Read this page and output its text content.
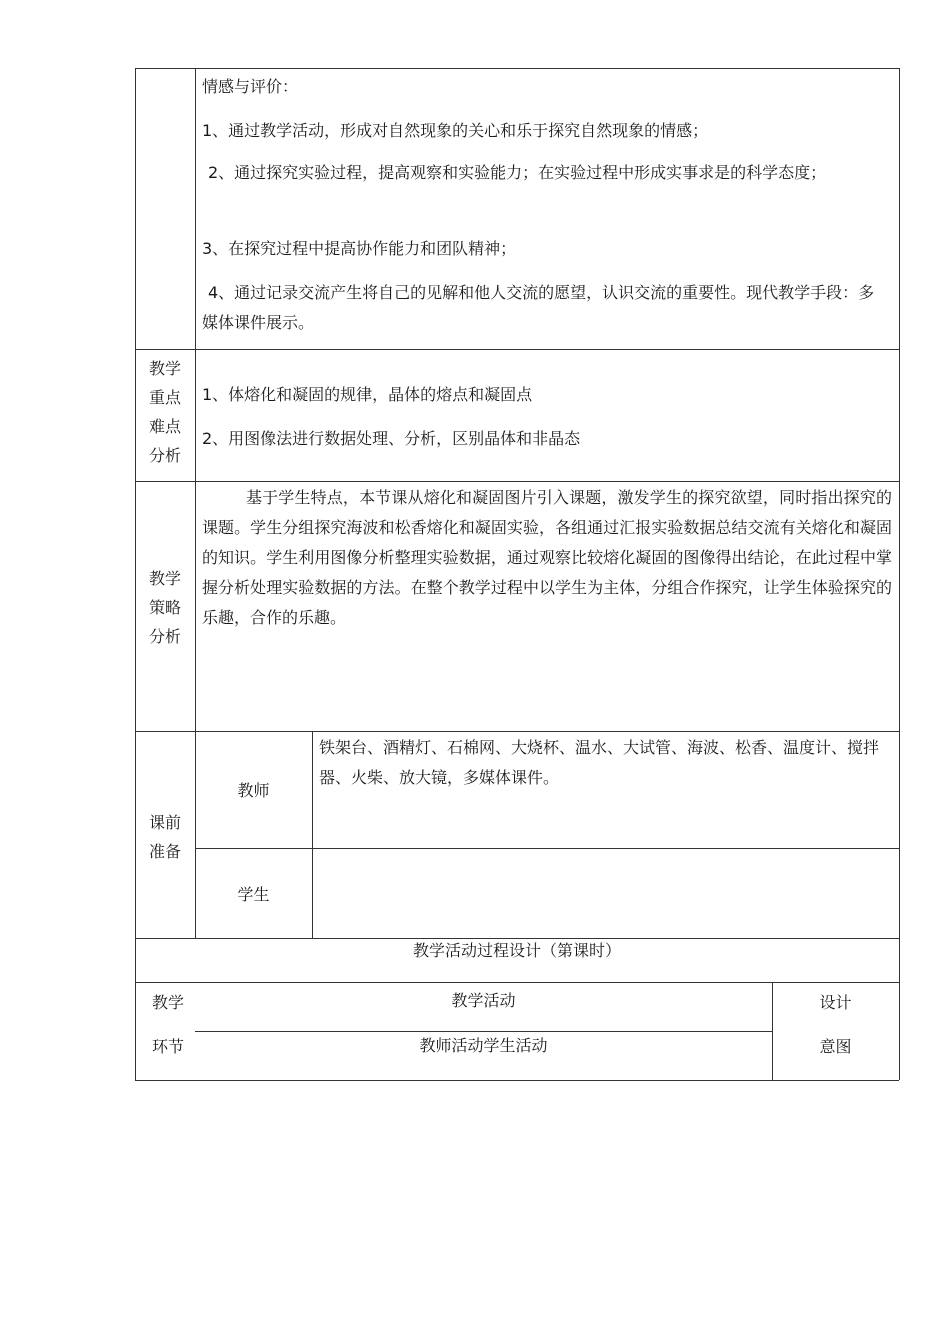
情感与评价：
1、通过教学活动，形成对自然现象的关心和乐于探究自然现象的情感；
2、通过探究实验过程，提高观察和实验能力；在实验过程中形成实事求是的科学态度；
3、在探究过程中提高协作能力和团队精神；
4、通过记录交流产生将自己的见解和他人交流的愿望，认识交流的重要性。现代教学手段：多媒体课件展示。
教学
重点
难点
分析
1、体熔化和凝固的规律，晶体的熔点和凝固点
2、用图像法进行数据处理、分析，区别晶体和非晶态
教学
策略
分析
基于学生特点，本节课从熔化和凝固图片引入课题，激发学生的探究欲望，同时指出探究的课题。学生分组探究海波和松香熔化和凝固实验，各组通过汇报实验数据总结交流有关熔化和凝固的知识。学生利用图像分析整理实验数据，通过观察比较熔化凝固的图像得出结论，在此过程中掌握分析处理实验数据的方法。在整个教学过程中以学生为主体，分组合作探究，让学生体验探究的乐趣，合作的乐趣。
课前
准备
教师
铁架台、酒精灯、石棉网、大烧杯、温水、大试管、海波、松香、温度计、搅拌器、火柴、放大镜，多媒体课件。
学生
教学活动过程设计（第课时）
教学
环节
教学活动
教师活动学生活动
设计
意图
